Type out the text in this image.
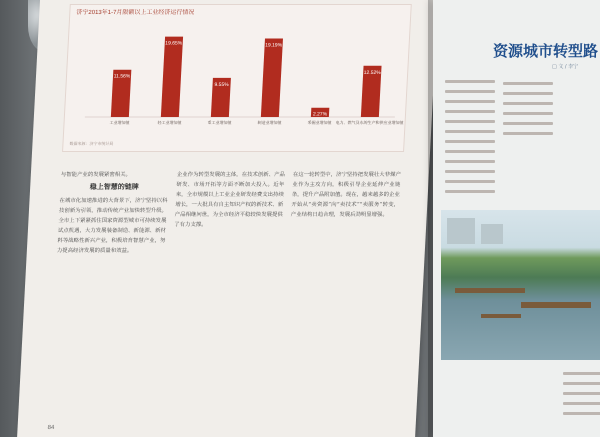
济宁2013年1-7月限额以上工业经济运行情况
11.56%
工业增加值
19.65%
轻工业增加值
9.55%
重工业增加值
19.19%
制造业增加值
2.27%
采掘业增加值
12.52%
电力、燃气及水的生产和供应业增加值
数据来源：济宁市统计局
与智能产业的发展紧密相关。
稳上智慧的链牌
在城市化加速推进的大背景下，济宁坚持以科技创新为引领，推动传统产业加快转型升级。全市上下紧紧抓住国家资源型城市可持续发展试点机遇，大力发展装备制造、新能源、新材料等战略性新兴产业，积极培育智慧产业，努力提高经济发展的质量和效益。
企业作为转型发展的主体，在技术创新、产品研发、市场开拓等方面不断加大投入。近年来，全市规模以上工业企业研发经费支出持续增长，一大批具有自主知识产权的新技术、新产品相继问世，为全市经济平稳较快发展提供了有力支撑。
在这一轮转型中，济宁坚持把发展壮大非煤产业作为主攻方向，积极引导企业延伸产业链条，提升产品附加值。现在，越来越多的企业开始从“卖资源”向“卖技术”“卖服务”转变，产业结构日趋合理，发展后劲明显增强。
84
资源城市转型路
□ 文 / 李宁
